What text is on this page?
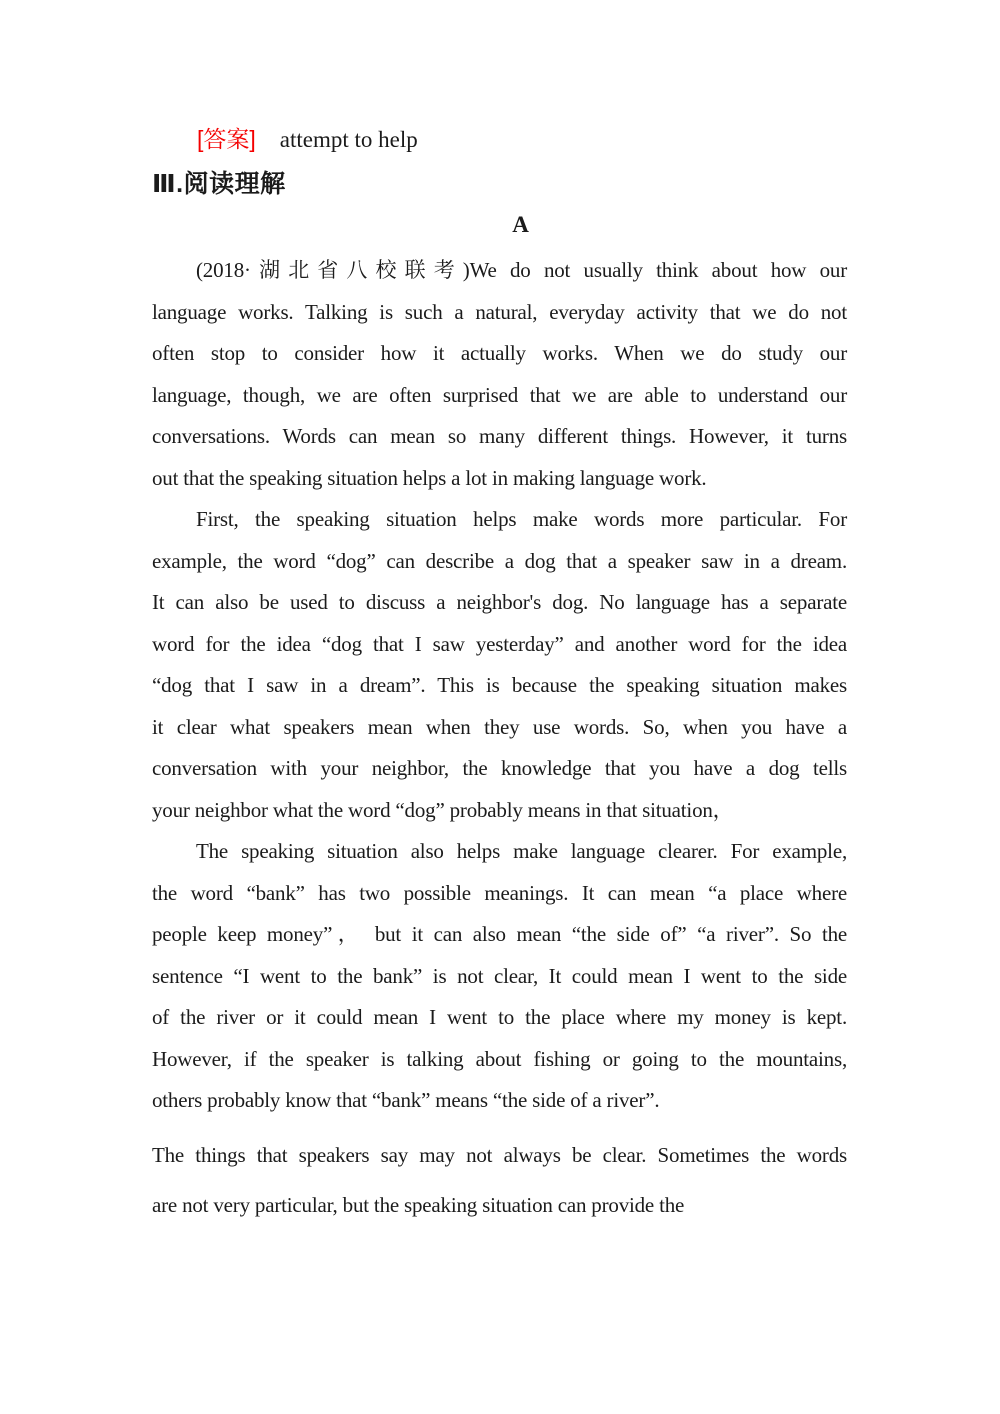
[答案] attempt to help
Ⅲ.阅读理解
A
(2018·湖北省八校联考)We do not usually think about how our
language works. Talking is such a natural, everyday activity that we do not
often stop to consider how it actually works. When we do study our
language, though, we are often surprised that we are able to understand our
conversations. Words can mean so many different things. However, it turns
out that the speaking situation helps a lot in making language work.
First, the speaking situation helps make words more particular. For
example, the word “dog” can describe a dog that a speaker saw in a dream.
It can also be used to discuss a neighbor's dog. No language has a separate
word for the idea “dog that I saw yesterday” and another word for the idea
“dog that I saw in a dream”. This is because the speaking situation makes
it clear what speakers mean when they use words. So, when you have a
conversation with your neighbor, the knowledge that you have a dog tells
your neighbor what the word “dog” probably means in that situation，
The speaking situation also helps make language clearer. For example,
the word “bank” has two possible meanings. It can mean “a place where
people keep money”， but it can also mean “the side of” “a river”. So the
sentence “I went to the bank” is not clear, It could mean I went to the side
of the river or it could mean I went to the place where my money is kept.
However, if the speaker is talking about fishing or going to the mountains,
others probably know that “bank” means “the side of a river”.
The things that speakers say may not always be clear. Sometimes the words
are not very particular, but the speaking situation can provide the
